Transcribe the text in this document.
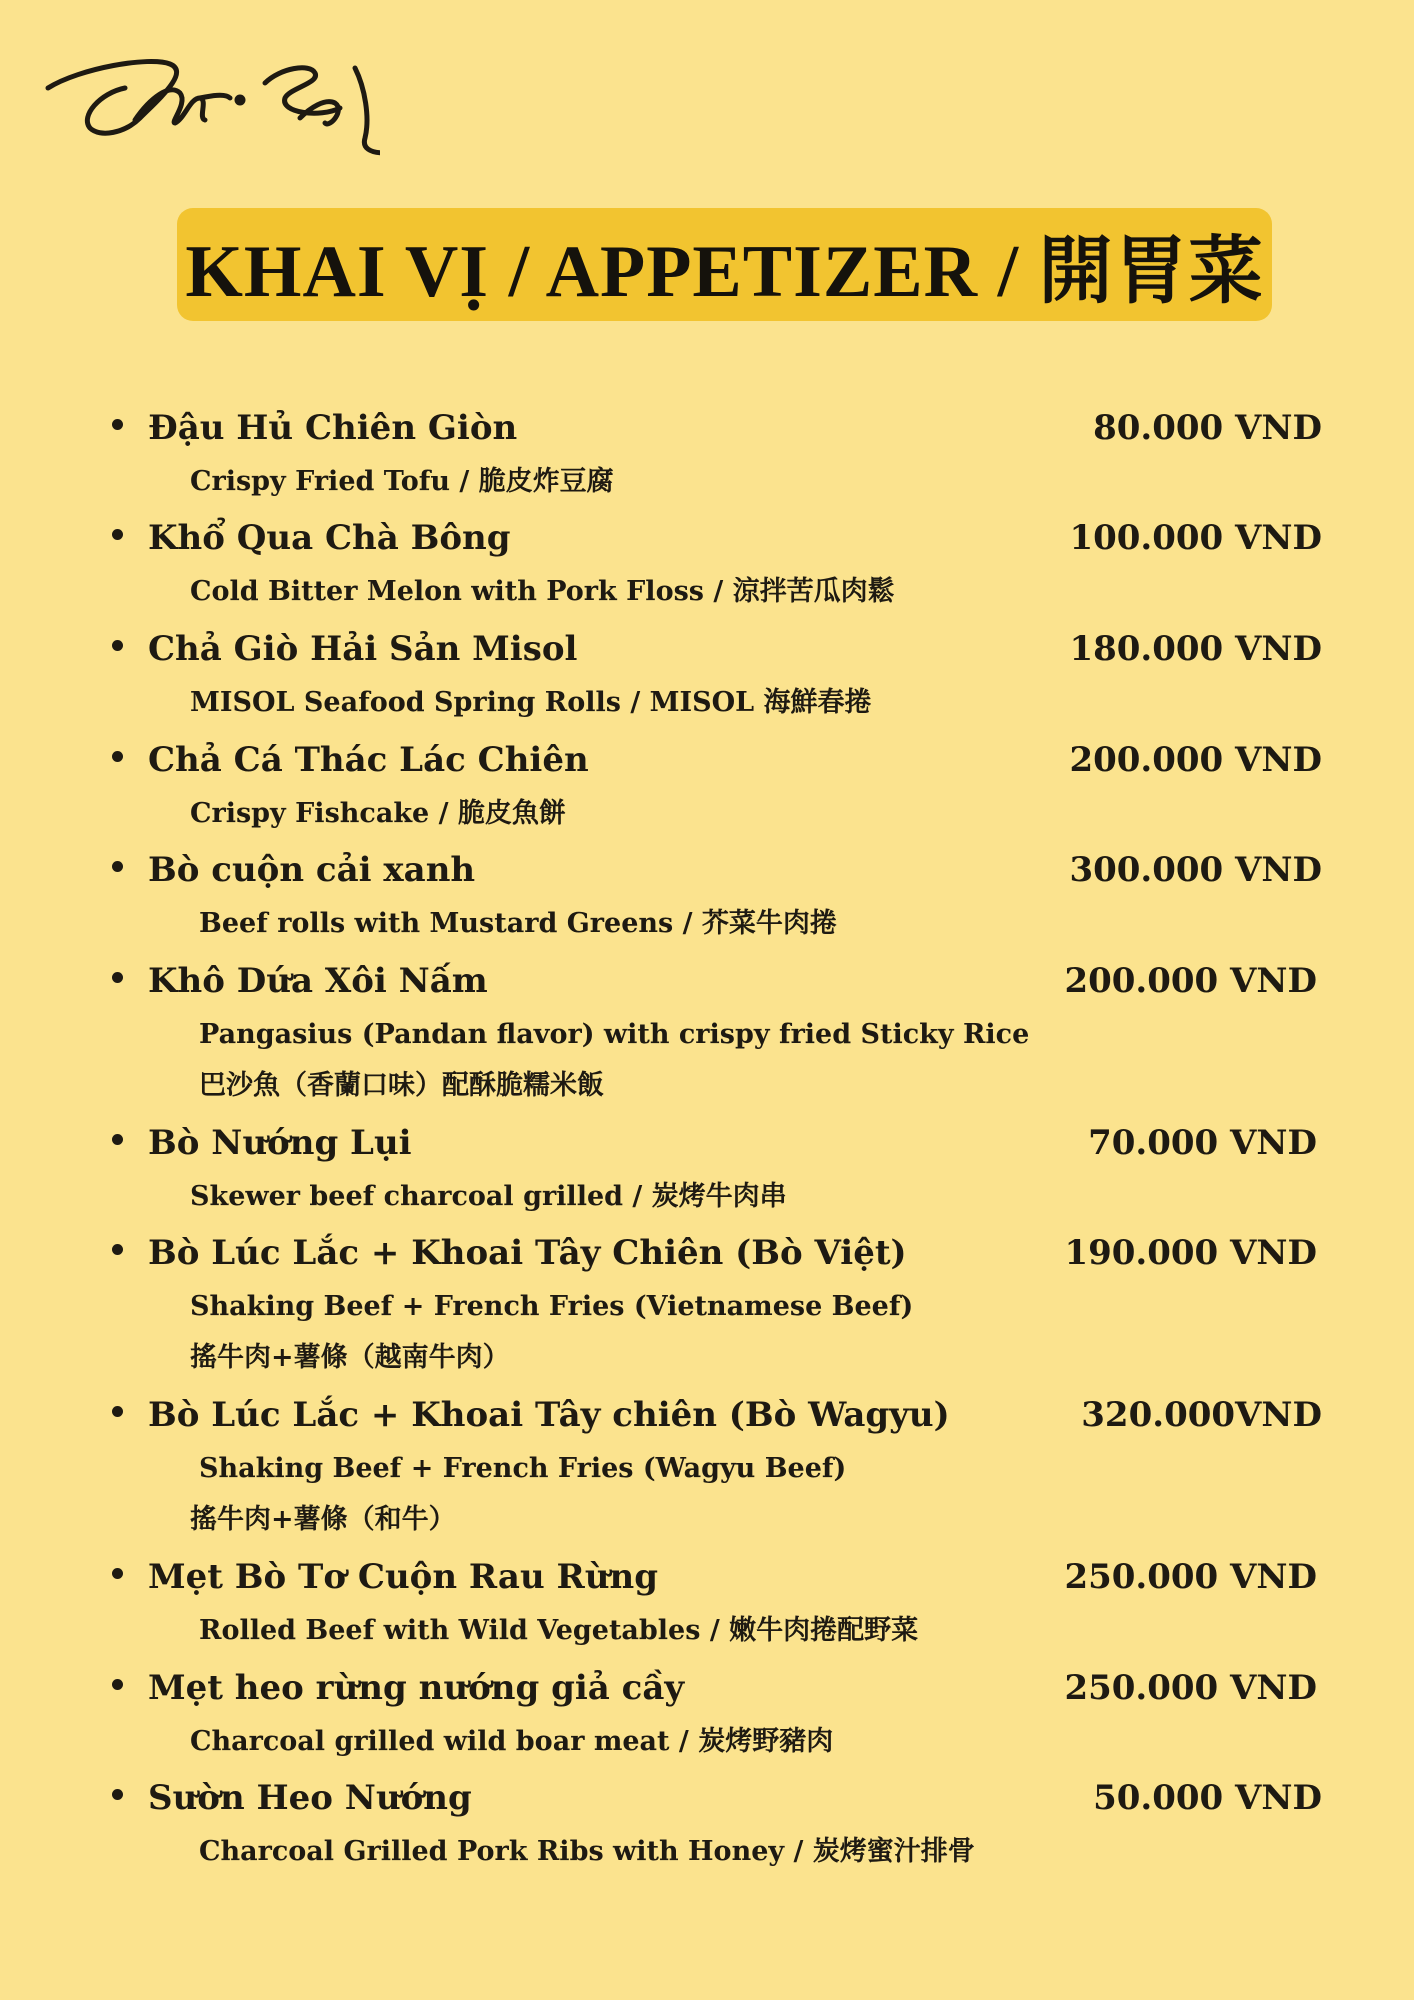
KHAI VỊ / APPETIZER / 開胃菜
Đậu Hủ Chiên Giòn	80.000 VND
Crispy Fried Tofu / 脆皮炸豆腐
Khổ Qua Chà Bông	100.000 VND
Cold Bitter Melon with Pork Floss / 涼拌苦瓜肉鬆
Chả Giò Hải Sản Misol	180.000 VND
MISOL Seafood Spring Rolls / MISOL 海鮮春捲
Chả Cá Thác Lác Chiên	200.000 VND
Crispy Fishcake / 脆皮魚餅
Bò cuộn cải xanh	300.000 VND
Beef rolls with Mustard Greens / 芥菜牛肉捲
Khô Dứa Xôi Nấm	200.000 VND
Pangasius (Pandan flavor) with crispy fried Sticky Rice
巴沙魚（香蘭口味）配酥脆糯米飯
Bò Nướng Lụi	70.000 VND
Skewer beef charcoal grilled / 炭烤牛肉串
Bò Lúc Lắc + Khoai Tây Chiên (Bò Việt)	190.000 VND
Shaking Beef + French Fries (Vietnamese Beef)
搖牛肉+薯條（越南牛肉）
Bò Lúc Lắc + Khoai Tây chiên (Bò Wagyu)	320.000VND
Shaking Beef + French Fries (Wagyu Beef)
搖牛肉+薯條（和牛）
Mẹt Bò Tơ Cuộn Rau Rừng	250.000 VND
Rolled Beef with Wild Vegetables / 嫩牛肉捲配野菜
Mẹt heo rừng nướng giả cầy	250.000 VND
Charcoal grilled wild boar meat / 炭烤野豬肉
Sườn Heo Nướng	50.000 VND
Charcoal Grilled Pork Ribs with Honey / 炭烤蜜汁排骨
